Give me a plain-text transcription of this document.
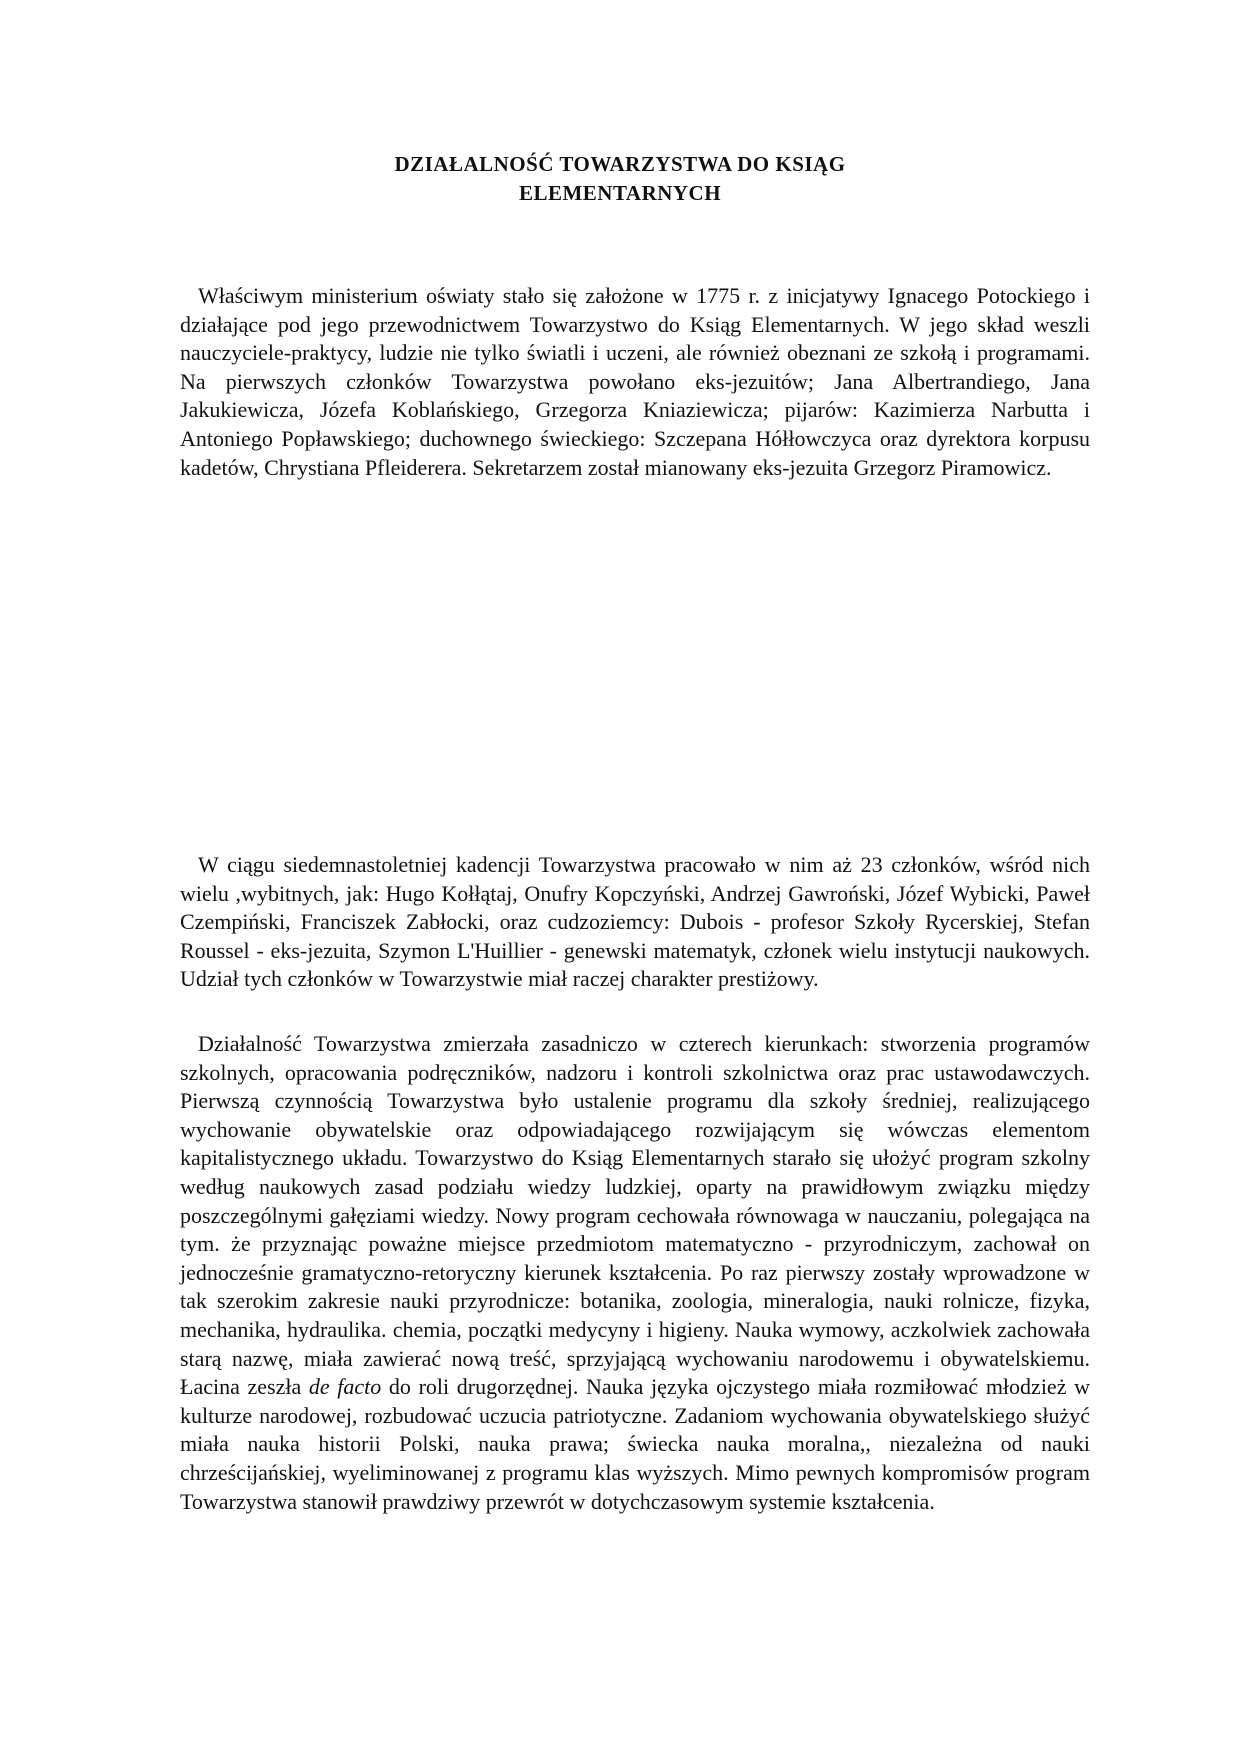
DZIAŁALNOŚĆ TOWARZYSTWA DO KSIĄG
ELEMENTARNYCH

Właściwym ministerium oświaty stało się założone w 1775 r. z inicjatywy Ignacego Potockiego i działające pod jego przewodnictwem Towarzystwo do Ksiąg Elementarnych. W jego skład weszli nauczyciele-praktycy, ludzie nie tylko światli i uczeni, ale również obeznani ze szkołą i programami. Na pierwszych członków Towarzystwa powołano eks-jezuitów; Jana Albertrandiego, Jana Jakukiewicza, Józefa Koblańskiego, Grzegorza Kniaziewicza; pijarów: Kazimierza Narbutta i Antoniego Popławskiego; duchownego świeckiego: Szczepana Hółłowczyca oraz dyrektora korpusu kadetów, Chrystiana Pfleiderera. Sekretarzem został mianowany eks-jezuita Grzegorz Piramowicz.

W ciągu siedemnastoletniej kadencji Towarzystwa pracowało w nim aż 23 członków, wśród nich wielu ,wybitnych, jak: Hugo Kołłątaj, Onufry Kopczyński, Andrzej Gawroński, Józef Wybicki, Paweł Czempiński, Franciszek Zabłocki, oraz cudzoziemcy: Dubois - profesor Szkoły Rycerskiej, Stefan Roussel - eks-jezuita, Szymon L'Huillier - genewski matematyk, członek wielu instytucji naukowych. Udział tych członków w Towarzystwie miał raczej charakter prestiżowy.

Działalność Towarzystwa zmierzała zasadniczo w czterech kierunkach: stworzenia programów szkolnych, opracowania podręczników, nadzoru i kontroli szkolnictwa oraz prac ustawodawczych. Pierwszą czynnością Towarzystwa było ustalenie programu dla szkoły średniej, realizującego wychowanie obywatelskie oraz odpowiadającego rozwijającym się wówczas elementom kapitalistycznego układu. Towarzystwo do Ksiąg Elementarnych starało się ułożyć program szkolny według naukowych zasad podziału wiedzy ludzkiej, oparty na prawidłowym związku między poszczególnymi gałęziami wiedzy. Nowy program cechowała równowaga w nauczaniu, polegająca na tym. że przyznając poważne miejsce przedmiotom matematyczno - przyrodniczym, zachował on jednocześnie gramatyczno-retoryczny kierunek kształcenia. Po raz pierwszy zostały wprowadzone w tak szerokim zakresie nauki przyrodnicze: botanika, zoologia, mineralogia, nauki rolnicze, fizyka, mechanika, hydraulika. chemia, początki medycyny i higieny. Nauka wymowy, aczkolwiek zachowała starą nazwę, miała zawierać nową treść, sprzyjającą wychowaniu narodowemu i obywatelskiemu. Łacina zeszła de facto do roli drugorzędnej. Nauka języka ojczystego miała rozmiłować młodzież w kulturze narodowej, rozbudować uczucia patriotyczne. Zadaniom wychowania obywatelskiego służyć miała nauka historii Polski, nauka prawa; świecka nauka moralna,, niezależna od nauki chrześcijańskiej, wyeliminowanej z programu klas wyższych. Mimo pewnych kompromisów program Towarzystwa stanowił prawdziwy przewrót w dotychczasowym systemie kształcenia.
